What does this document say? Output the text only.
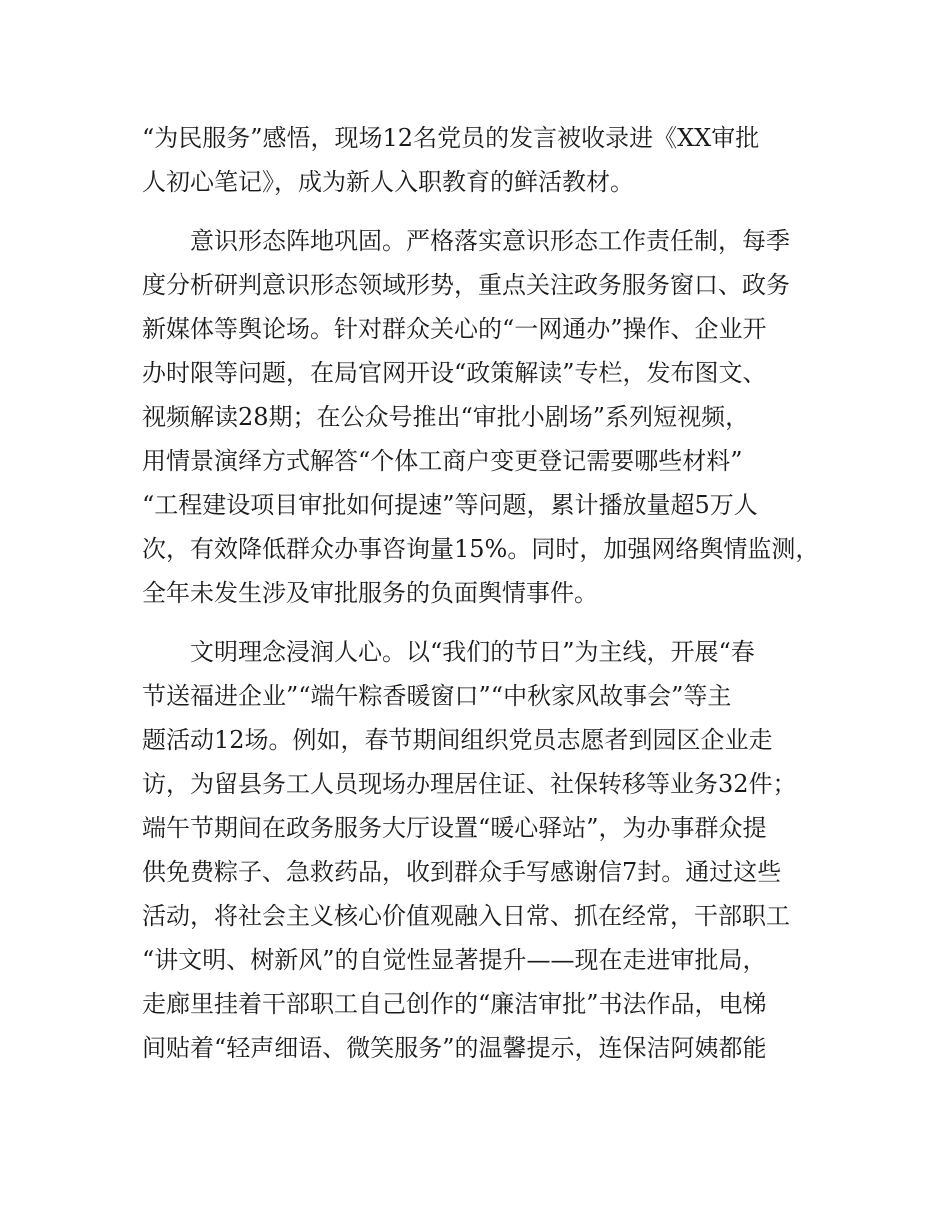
“为民服务”感悟，现场12名党员的发言被收录进《XX审批
人初心笔记》，成为新人入职教育的鲜活教材。
　　意识形态阵地巩固。严格落实意识形态工作责任制，每季
度分析研判意识形态领域形势，重点关注政务服务窗口、政务
新媒体等舆论场。针对群众关心的“一网通办”操作、企业开
办时限等问题，在局官网开设“政策解读”专栏，发布图文、
视频解读28期；在公众号推出“审批小剧场”系列短视频，
用情景演绎方式解答“个体工商户变更登记需要哪些材料”
“工程建设项目审批如何提速”等问题，累计播放量超5万人
次，有效降低群众办事咨询量15%。同时，加强网络舆情监测，
全年未发生涉及审批服务的负面舆情事件。
　　文明理念浸润人心。以“我们的节日”为主线，开展“春
节送福进企业”“端午粽香暖窗口”“中秋家风故事会”等主
题活动12场。例如，春节期间组织党员志愿者到园区企业走
访，为留县务工人员现场办理居住证、社保转移等业务32件；
端午节期间在政务服务大厅设置“暖心驿站”，为办事群众提
供免费粽子、急救药品，收到群众手写感谢信7封。通过这些
活动，将社会主义核心价值观融入日常、抓在经常，干部职工
“讲文明、树新风”的自觉性显著提升——现在走进审批局，
走廊里挂着干部职工自己创作的“廉洁审批”书法作品，电梯
间贴着“轻声细语、微笑服务”的温馨提示，连保洁阿姨都能
